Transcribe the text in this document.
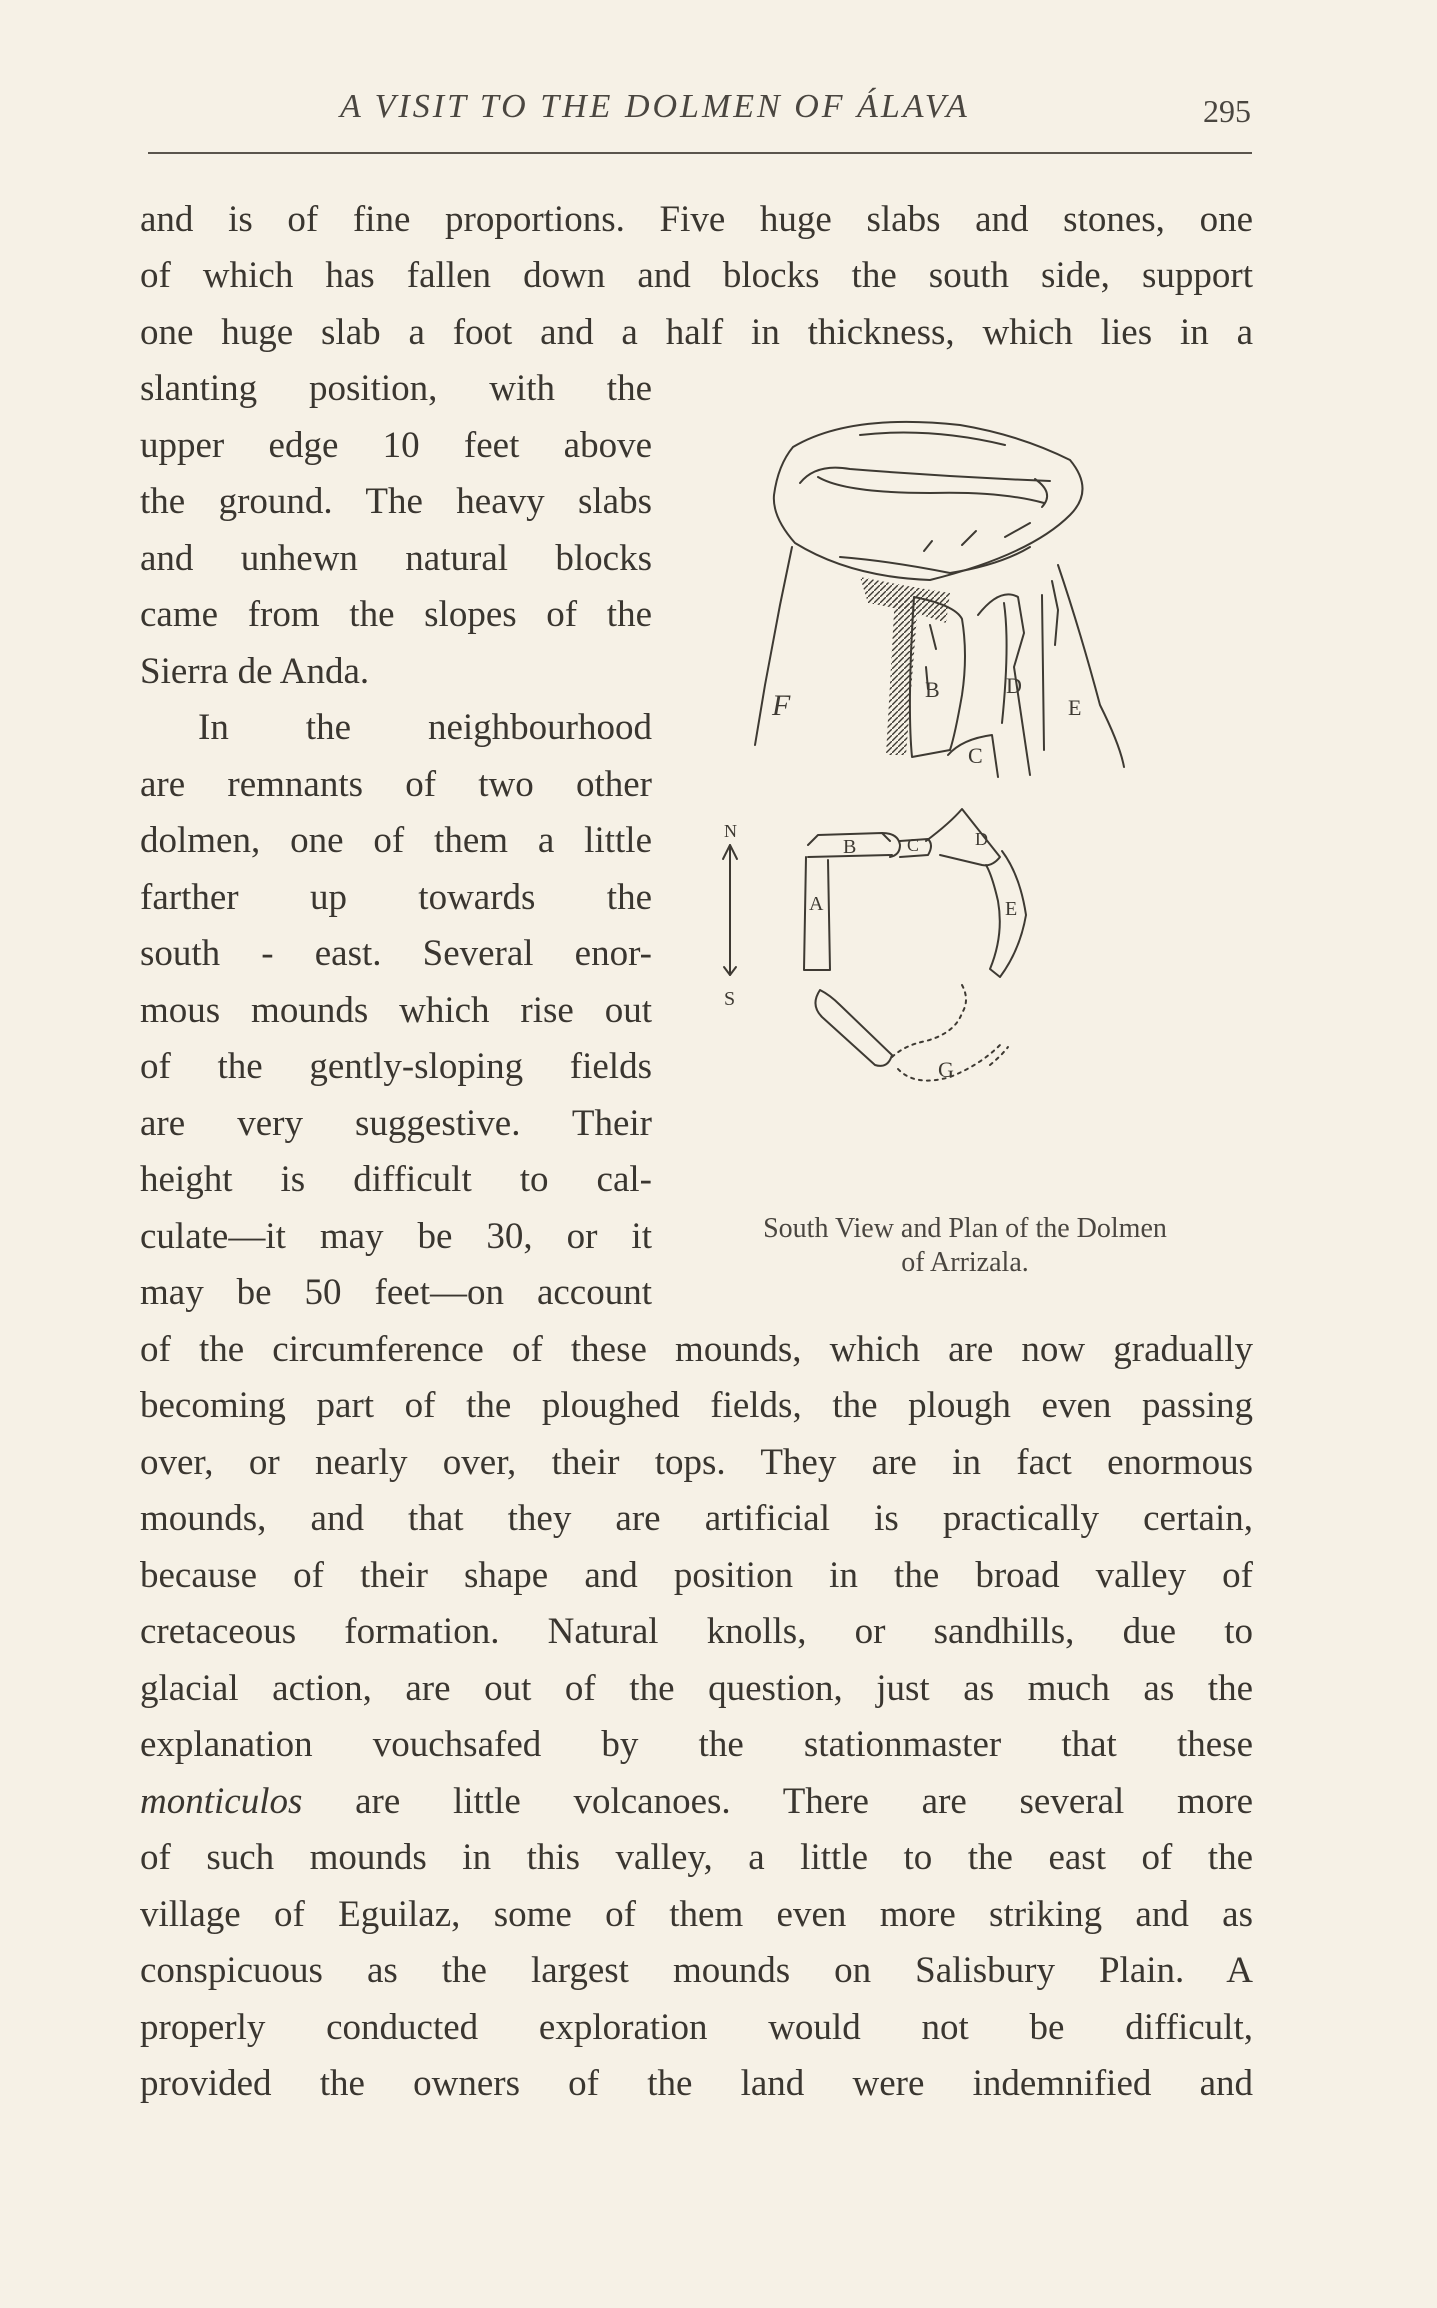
A VISIT TO THE DOLMEN OF ÁLAVA	295
and is of fine proportions. Five huge slabs and stones, one
of which has fallen down and blocks the south side, support
one huge slab a foot and a half in thickness, which lies in a
slanting position, with the
upper edge 10 feet above
the ground. The heavy slabs
and unhewn natural blocks
came from the slopes of the
Sierra de Anda.
In the neighbourhood
are remnants of two other
dolmen, one of them a little
farther up towards the
south - east. Several enor-
mous mounds which rise out
of the gently-sloping fields
are very suggestive. Their
height is difficult to cal-
culate—it may be 30, or it
may be 50 feet—on account
of the circumference of these mounds, which are now gradually
becoming part of the ploughed fields, the plough even passing
over, or nearly over, their tops. They are in fact enormous
mounds, and that they are artificial is practically certain,
because of their shape and position in the broad valley of
cretaceous formation. Natural knolls, or sandhills, due to
glacial action, are out of the question, just as much as the
explanation vouchsafed by the stationmaster that these
monticulos are little volcanoes. There are several more
of such mounds in this valley, a little to the east of the
village of Eguilaz, some of them even more striking and as
conspicuous as the largest mounds on Salisbury Plain. A
properly conducted exploration would not be difficult,
provided the owners of the land were indemnified and
F	B	D
E
C
B	C	D
A	E
G
N
S
South View and Plan of the Dolmen
of Arrizala.
